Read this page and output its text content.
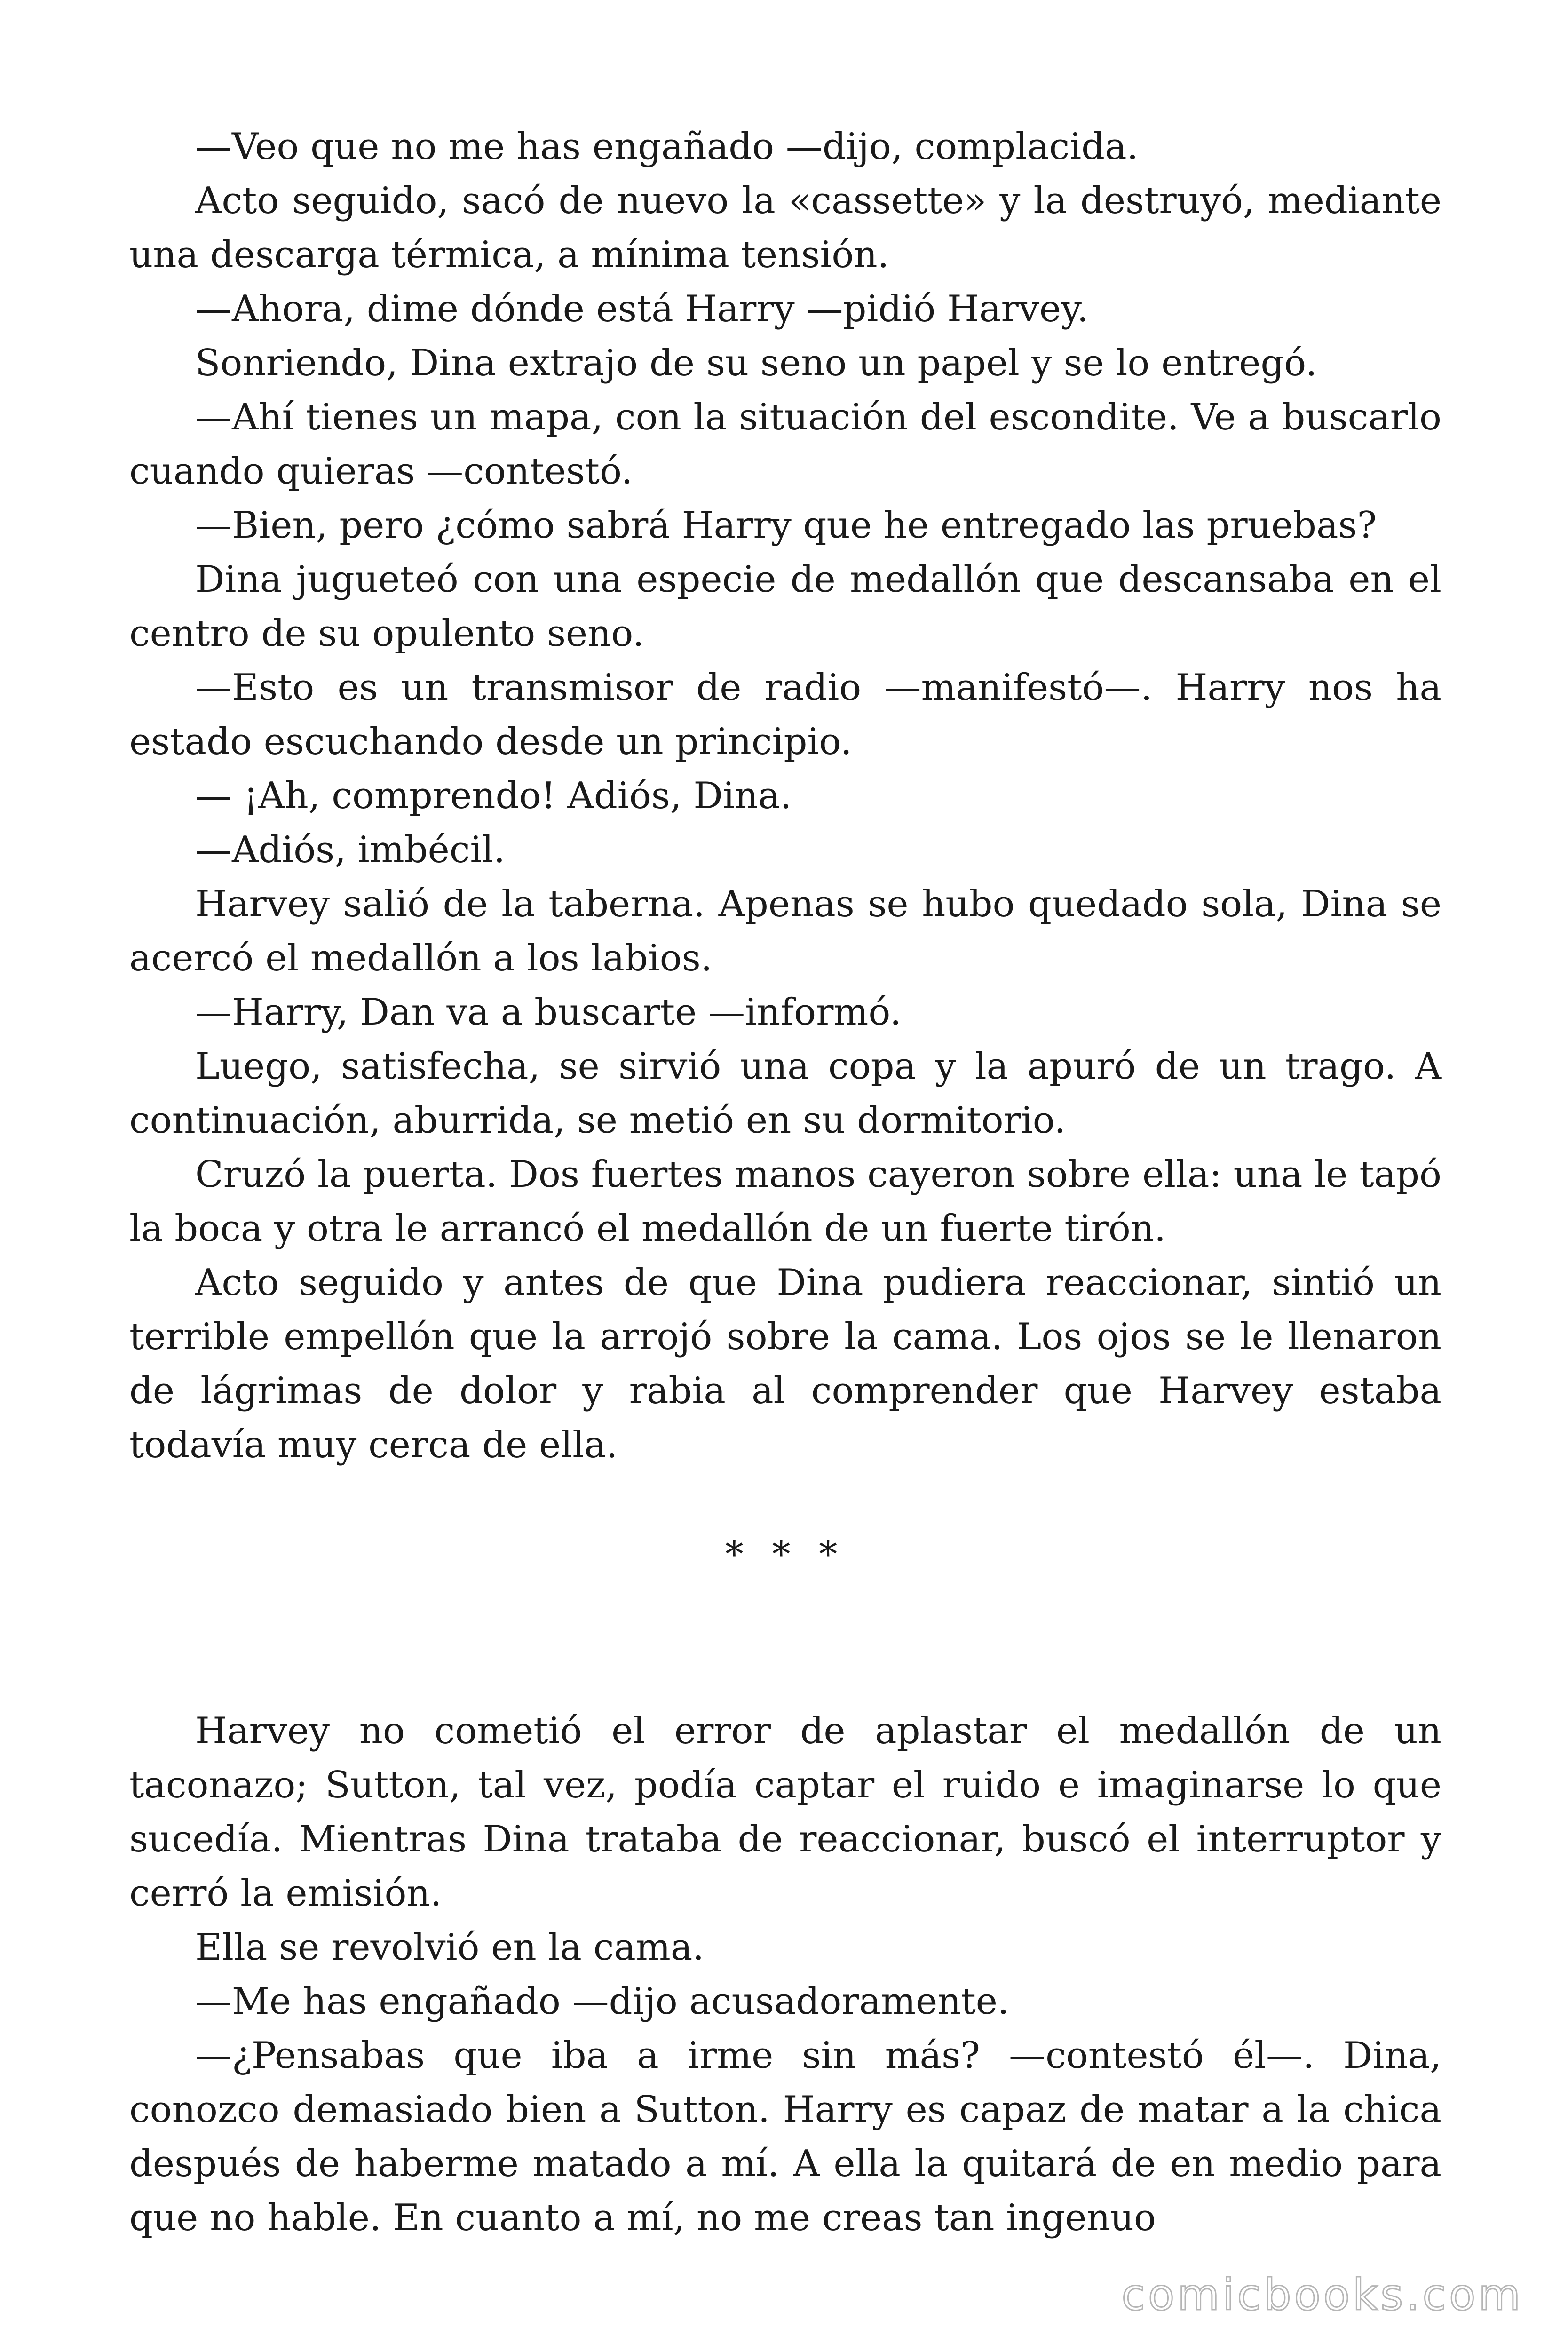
—Veo que no me has engañado —dijo, complacida.

Acto seguido, sacó de nuevo la «cassette» y la destruyó, mediante una descarga térmica, a mínima tensión.

—Ahora, dime dónde está Harry —pidió Harvey.

Sonriendo, Dina extrajo de su seno un papel y se lo entregó.

—Ahí tienes un mapa, con la situación del escondite. Ve a buscarlo cuando quieras —contestó.

—Bien, pero ¿cómo sabrá Harry que he entregado las pruebas?

Dina jugueteó con una especie de medallón que descansaba en el centro de su opulento seno.

—Esto es un transmisor de radio —manifestó—. Harry nos ha estado escuchando desde un principio.

— ¡Ah, comprendo! Adiós, Dina.

—Adiós, imbécil.

Harvey salió de la taberna. Apenas se hubo quedado sola, Dina se acercó el medallón a los labios.

—Harry, Dan va a buscarte —informó.

Luego, satisfecha, se sirvió una copa y la apuró de un trago. A continuación, aburrida, se metió en su dormitorio.

Cruzó la puerta. Dos fuertes manos cayeron sobre ella: una le tapó la boca y otra le arrancó el medallón de un fuerte tirón.

Acto seguido y antes de que Dina pudiera reaccionar, sintió un terrible empellón que la arrojó sobre la cama. Los ojos se le llenaron de lágrimas de dolor y rabia al comprender que Harvey estaba todavía muy cerca de ella.

* * *

Harvey no cometió el error de aplastar el medallón de un taconazo; Sutton, tal vez, podía captar el ruido e imaginarse lo que sucedía. Mientras Dina trataba de reaccionar, buscó el interruptor y cerró la emisión.

Ella se revolvió en la cama.

—Me has engañado —dijo acusadoramente.

—¿Pensabas que iba a irme sin más? —contestó él—. Dina, conozco demasiado bien a Sutton. Harry es capaz de matar a la chica después de haberme matado a mí. A ella la quitará de en medio para que no hable. En cuanto a mí, no me creas tan ingenuo

comicbooks.com
